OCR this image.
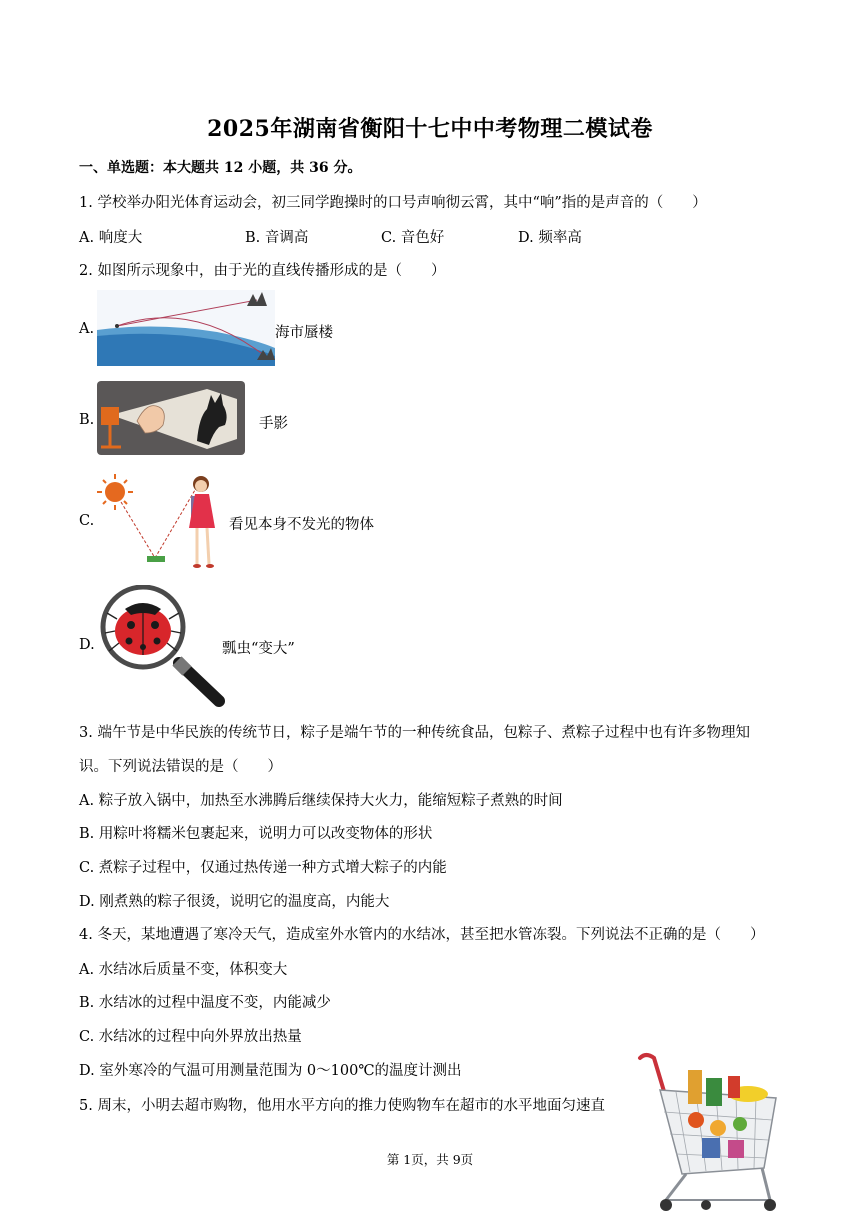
2025年湖南省衡阳十七中中考物理二模试卷
一、单选题：本大题共 12 小题，共 36 分。
1. 学校举办阳光体育运动会，初三同学跑操时的口号声响彻云霄，其中“响”指的是声音的（　　）
A. 响度大	B. 音调高	C. 音色好	D. 频率高
2. 如图所示现象中，由于光的直线传播形成的是（　　）
A.	海市蜃楼
B.	手影
C.	看见本身不发光的物体
D.	瓢虫“变大”
3. 端午节是中华民族的传统节日，粽子是端午节的一种传统食品，包粽子、煮粽子过程中也有许多物理知
识。下列说法错误的是（　　）
A. 粽子放入锅中，加热至水沸腾后继续保持大火力，能缩短粽子煮熟的时间
B. 用粽叶将糯米包裹起来，说明力可以改变物体的形状
C. 煮粽子过程中，仅通过热传递一种方式增大粽子的内能
D. 刚煮熟的粽子很烫，说明它的温度高，内能大
4. 冬天，某地遭遇了寒冷天气，造成室外水管内的水结冰，甚至把水管冻裂。下列说法不正确的是（　　）
A. 水结冰后质量不变，体积变大
B. 水结冰的过程中温度不变，内能减少
C. 水结冰的过程中向外界放出热量
D. 室外寒冷的气温可用测量范围为 0～100℃的温度计测出
5. 周末，小明去超市购物，他用水平方向的推力使购物车在超市的水平地面匀速直
第 1页，共 9页
